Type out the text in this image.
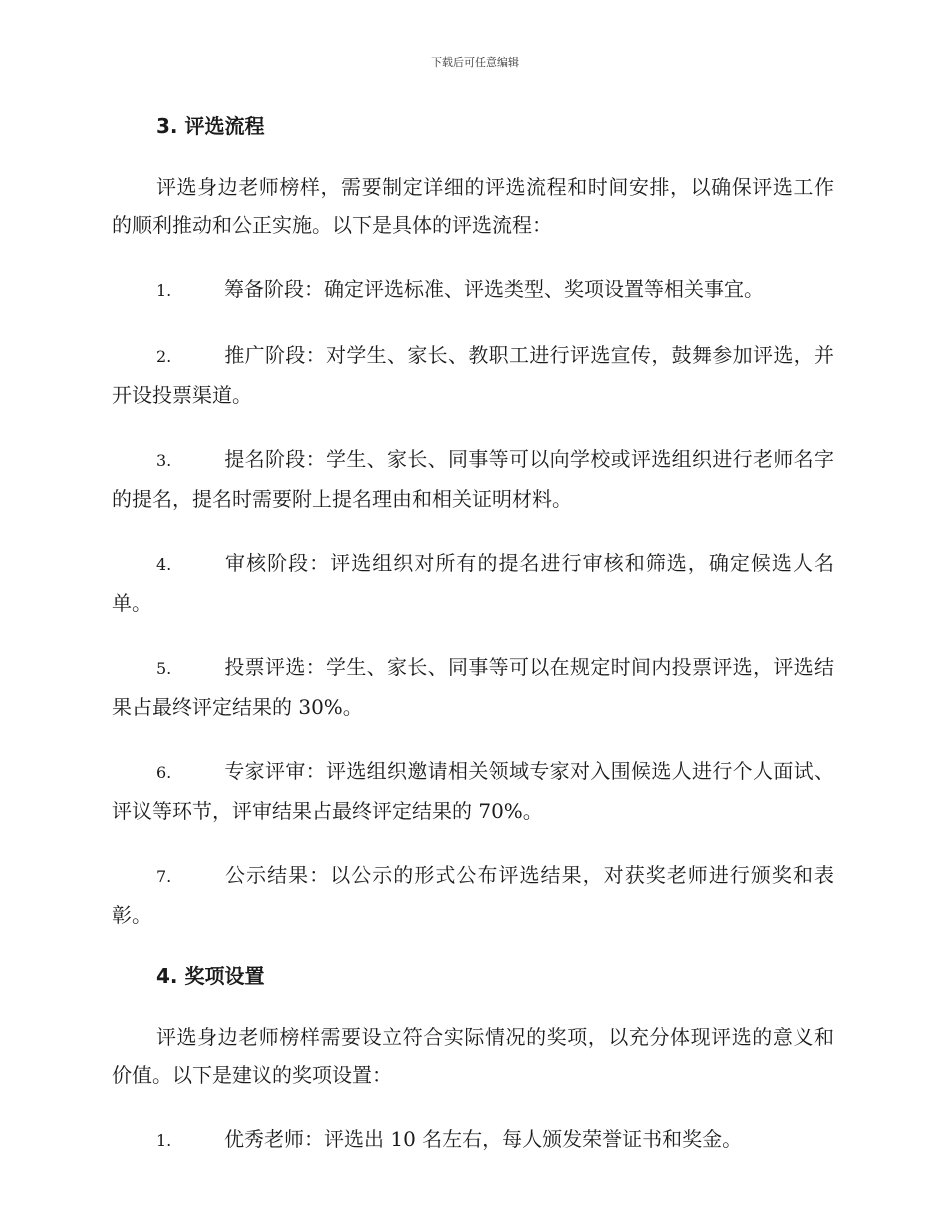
下载后可任意编辑
3. 评选流程

评选身边老师榜样，需要制定详细的评选流程和时间安排，以确保评选工作的顺利推动和公正实施。以下是具体的评选流程：

1.	筹备阶段：确定评选标准、评选类型、奖项设置等相关事宜。

2.	推广阶段：对学生、家长、教职工进行评选宣传，鼓舞参加评选，并开设投票渠道。

3.	提名阶段：学生、家长、同事等可以向学校或评选组织进行老师名字的提名，提名时需要附上提名理由和相关证明材料。

4.	审核阶段：评选组织对所有的提名进行审核和筛选，确定候选人名单。

5.	投票评选：学生、家长、同事等可以在规定时间内投票评选，评选结果占最终评定结果的 30%。

6.	专家评审：评选组织邀请相关领域专家对入围候选人进行个人面试、评议等环节，评审结果占最终评定结果的 70%。

7.	公示结果：以公示的形式公布评选结果，对获奖老师进行颁奖和表彰。

4. 奖项设置

评选身边老师榜样需要设立符合实际情况的奖项，以充分体现评选的意义和价值。以下是建议的奖项设置：

1.	优秀老师：评选出 10 名左右，每人颁发荣誉证书和奖金。
